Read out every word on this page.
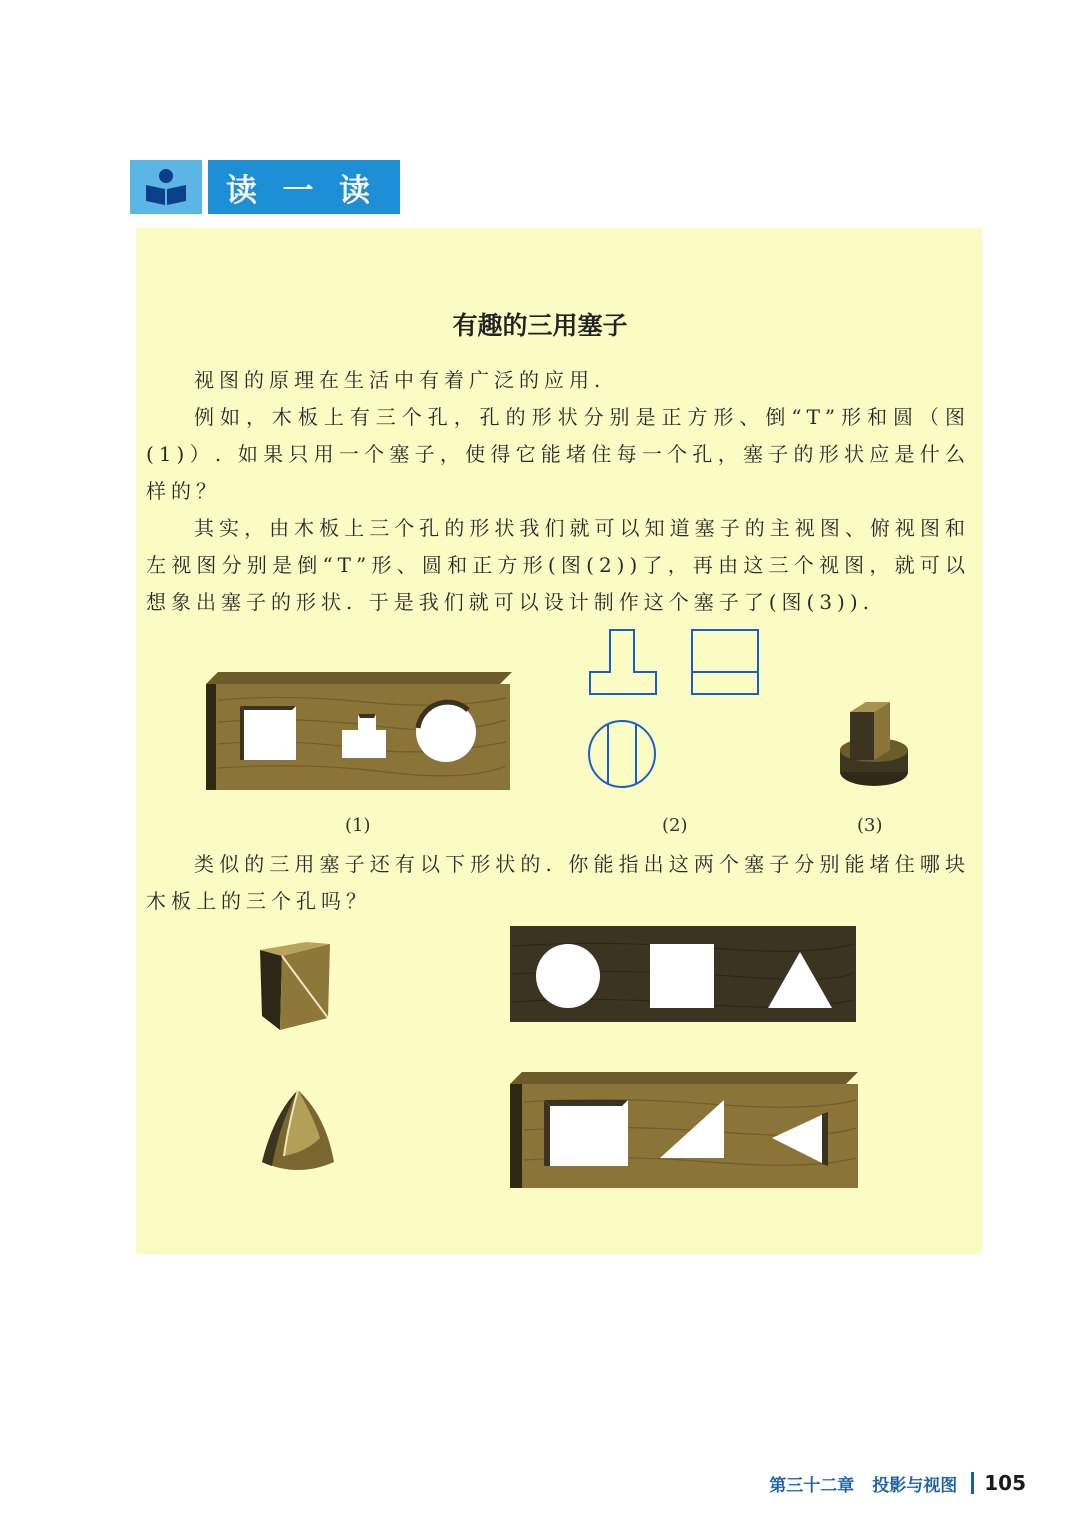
读 一 读
有趣的三用塞子

视图的原理在生活中有着广泛的应用.

例如，木板上有三个孔，孔的形状分别是正方形、倒“T”形和圆（图(1)）. 如果只用一个塞子，使得它能堵住每一个孔，塞子的形状应是什么样的？

其实，由木板上三个孔的形状我们就可以知道塞子的主视图、俯视图和左视图分别是倒“T”形、圆和正方形(图(2))了，再由这三个视图，就可以想象出塞子的形状. 于是我们就可以设计制作这个塞子了(图(3)).

(1)	(2)	(3)

类似的三用塞子还有以下形状的. 你能指出这两个塞子分别能堵住哪块木板上的三个孔吗？

第三十二章 投影与视图 105
